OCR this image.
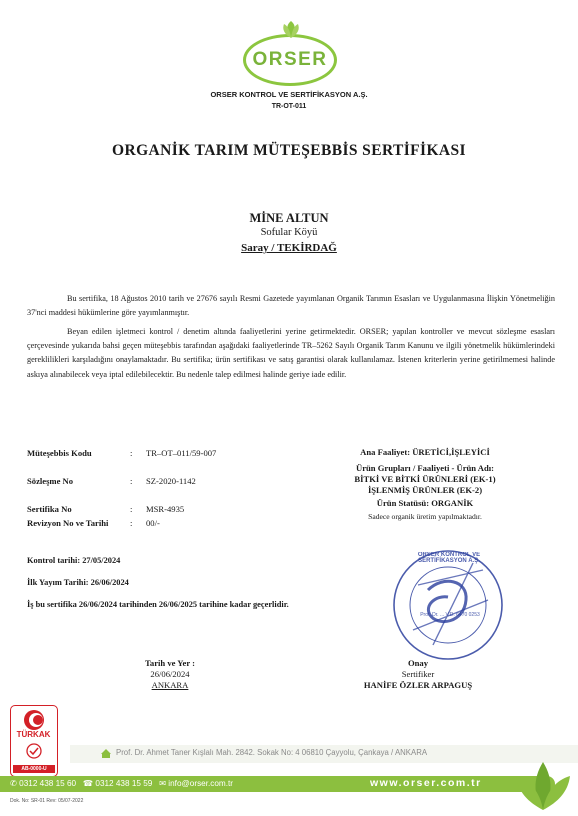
ORSER
ORSER KONTROL VE SERTİFİKASYON A.Ş.
TR-OT-011
ORGANİK TARIM MÜTEŞEBBİS SERTİFİKASI
MİNE ALTUN
Sofular Köyü
Saray / TEKİRDAĞ
Bu sertifika, 18 Ağustos 2010 tarih ve 27676 sayılı Resmi Gazetede yayımlanan Organik Tarımın Esasları ve Uygulanmasına İlişkin Yönetmeliğin 37'nci maddesi hükümlerine göre yayımlanmıştır.
Beyan edilen işletmeci kontrol / denetim altında faaliyetlerini yerine getirmektedir. ORSER; yapılan kontroller ve mevcut sözleşme esasları çerçevesinde yukarıda bahsi geçen müteşebbis tarafından aşağıdaki faaliyetlerinde TR–5262 Sayılı Organik Tarım Kanunu ve ilgili yönetmelik hükümlerindeki gereklilikleri karşıladığını onaylamaktadır. Bu sertifika; ürün sertifikası ve satış garantisi olarak kullanılamaz. İstenen kriterlerin yerine getirilmemesi halinde askıya alınabilecek veya iptal edilebilecektir. Bu nedenle talep edilmesi halinde geriye iade edilir.
Müteşebbis Kodu	: TR–OT–011/59-007
Sözleşme No	: SZ-2020-1142
Sertifika No	: MSR-4935
Revizyon No ve Tarihi	: 00/-
Ana Faaliyet: ÜRETİCİ,İŞLEYİCİ
Ürün Grupları / Faaliyeti - Ürün Adı:
BİTKİ VE BİTKİ ÜRÜNLERİ (EK-1)
İŞLENMİŞ ÜRÜNLER (EK-2)
Ürün Statüsü: ORGANİK
Sadece organik üretim yapılmaktadır.
Kontrol tarihi: 27/05/2024
İlk Yayım Tarihi: 26/06/2024
İş bu sertifika 26/06/2024 tarihinden 26/06/2025 tarihine kadar geçerlidir.
ORSER KONTROL VE SERTİFİKASYON A.Ş.
Prof. Dr. ... V.D. 6470 0253
Tarih ve Yer :
26/06/2024
ANKARA
Onay
Sertifiker
HANİFE ÖZLER ARPAGUŞ
TÜRKAK
AB-0000-U
Prof. Dr. Ahmet Taner Kışlalı Mah. 2842. Sokak No: 4 06810 Çayyolu, Çankaya / ANKARA
✆ 0312 438 15 60 ☎ 0312 438 15 59 ✉ info@orser.com.tr	www.orser.com.tr
Dok. No: SR-01 Rev: 05/07-2022
